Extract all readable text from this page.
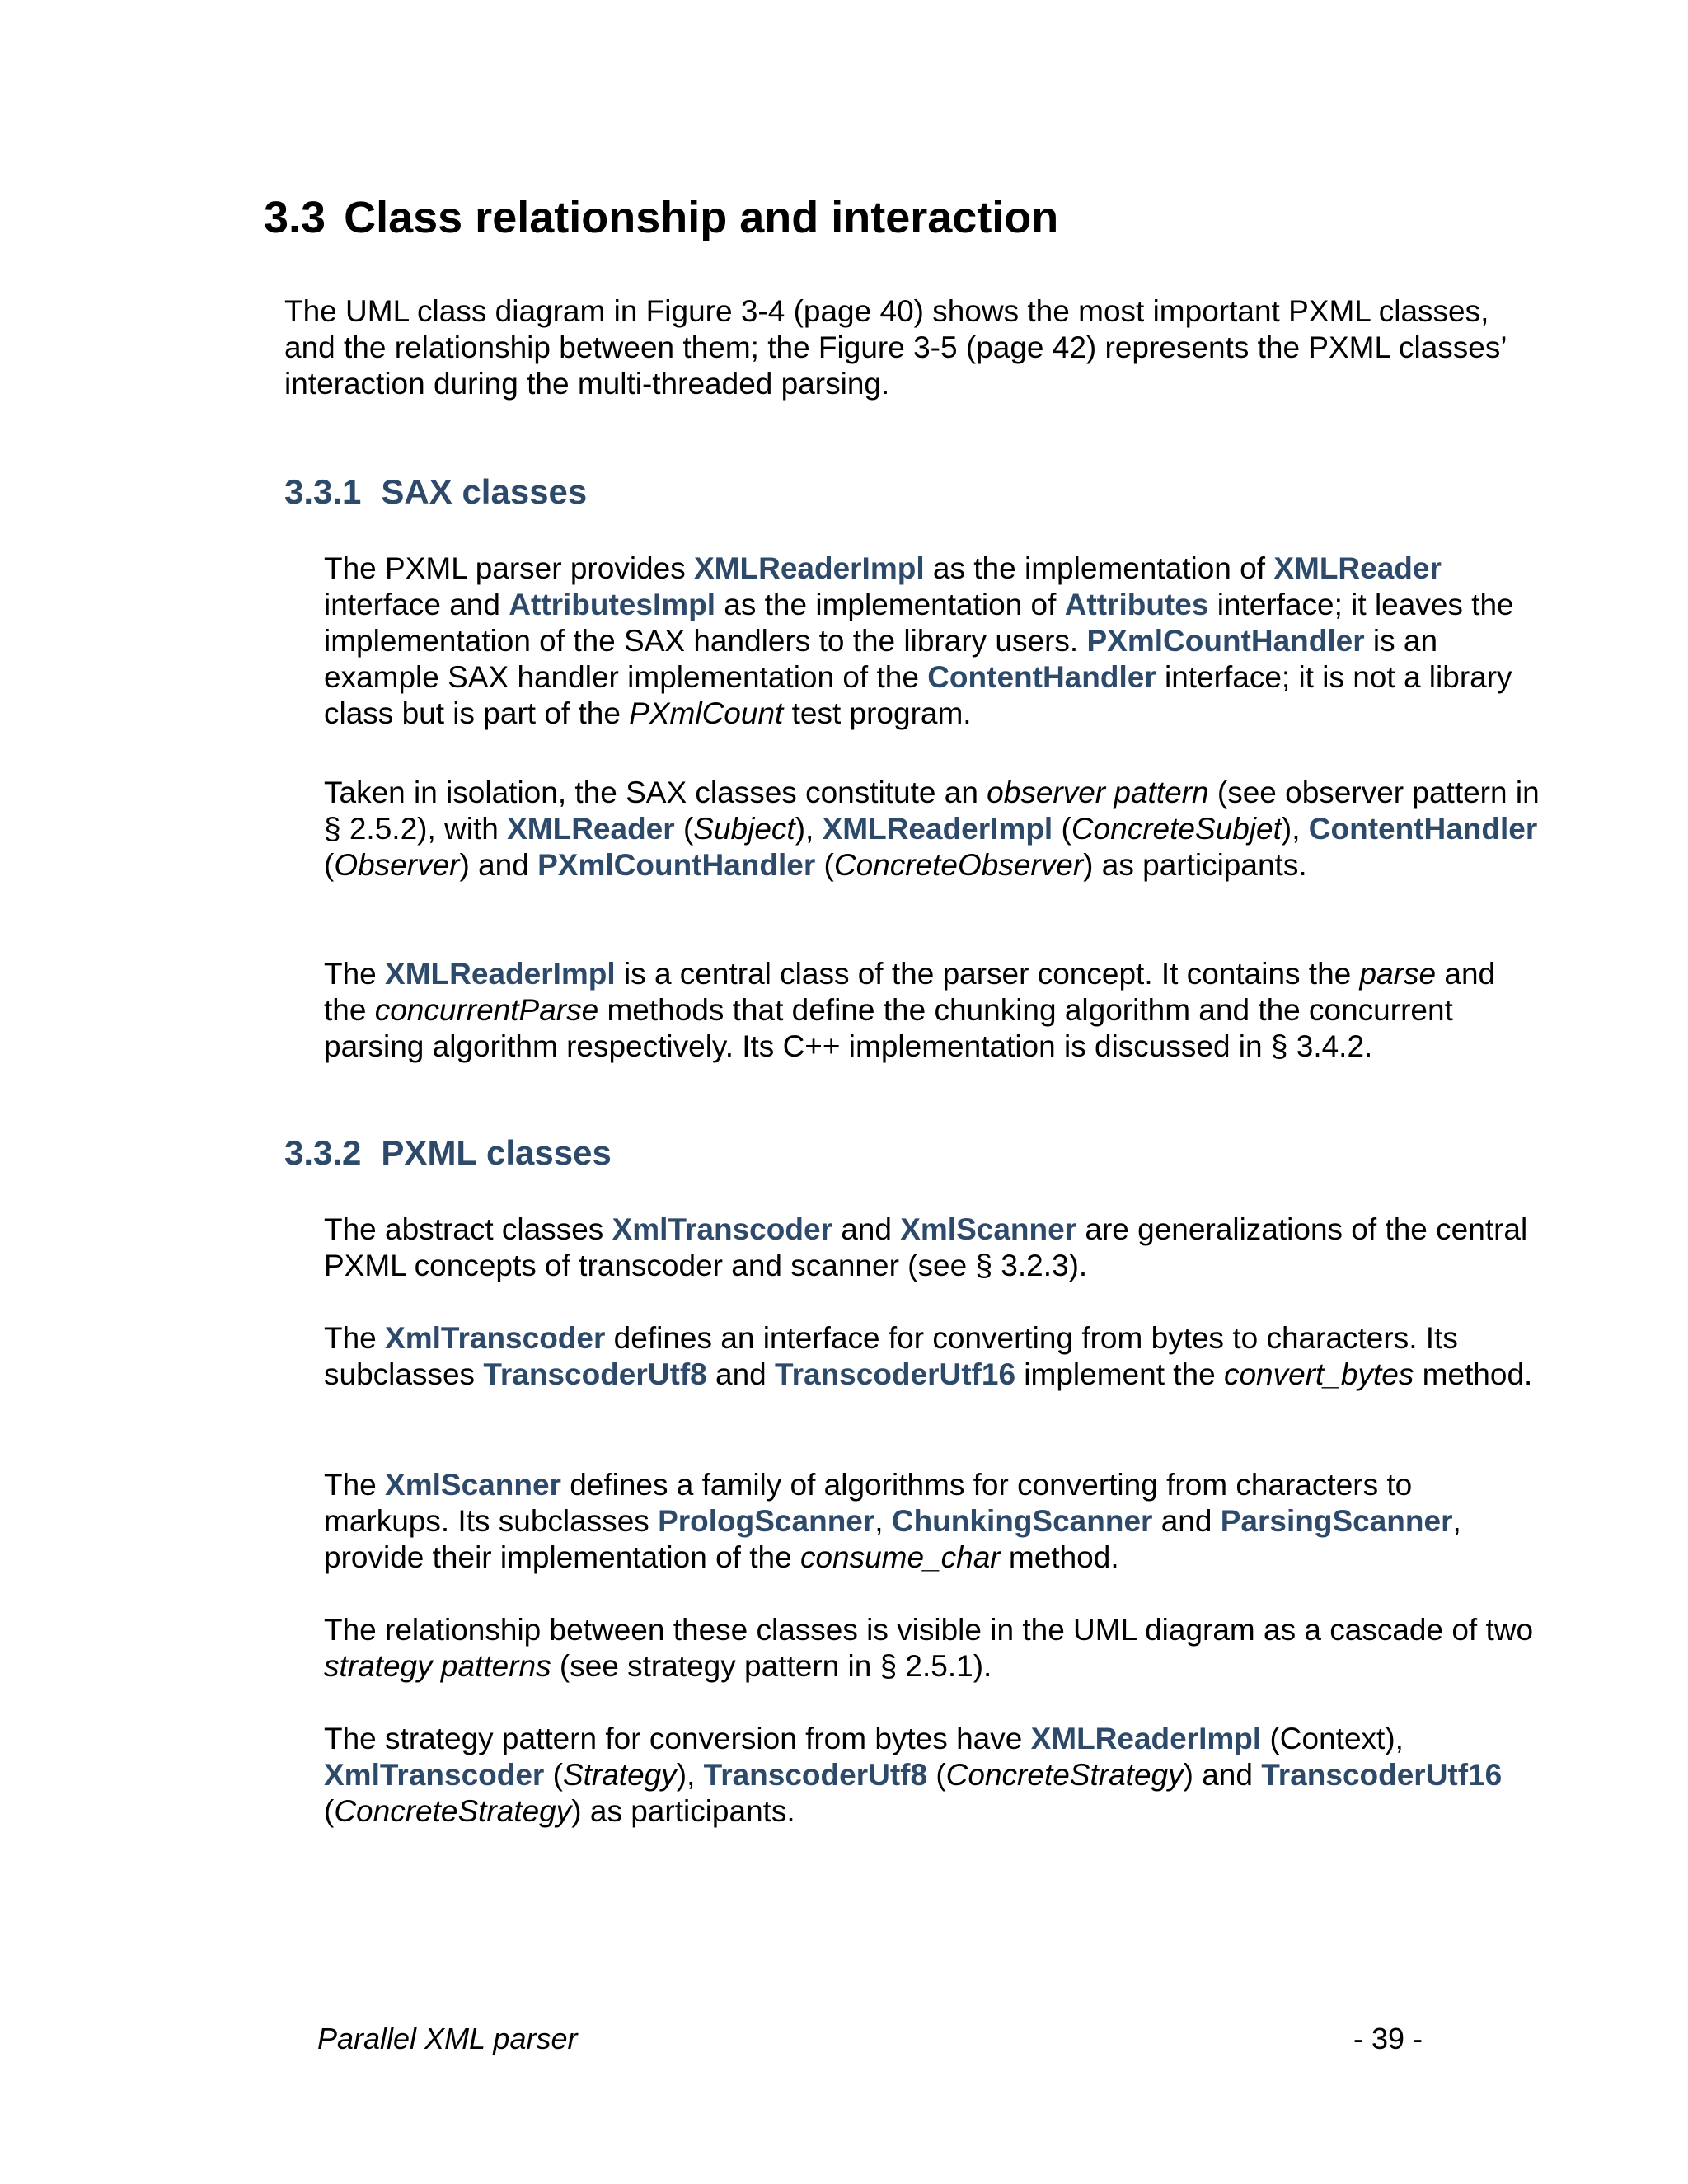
3.3 Class relationship and interaction

The UML class diagram in Figure 3-4 (page 40) shows the most important PXML classes, and the relationship between them; the Figure 3-5 (page 42) represents the PXML classes’ interaction during the multi-threaded parsing.

3.3.1 SAX classes

The PXML parser provides XMLReaderImpl as the implementation of XMLReader interface and AttributesImpl as the implementation of Attributes interface; it leaves the implementation of the SAX handlers to the library users. PXmlCountHandler is an example SAX handler implementation of the ContentHandler interface; it is not a library class but is part of the PXmlCount test program.

Taken in isolation, the SAX classes constitute an observer pattern (see observer pattern in § 2.5.2), with XMLReader (Subject), XMLReaderImpl (ConcreteSubjet), ContentHandler (Observer) and PXmlCountHandler (ConcreteObserver) as participants.

The XMLReaderImpl is a central class of the parser concept. It contains the parse and the concurrentParse methods that define the chunking algorithm and the concurrent parsing algorithm respectively. Its C++ implementation is discussed in § 3.4.2.

3.3.2 PXML classes

The abstract classes XmlTranscoder and XmlScanner are generalizations of the central PXML concepts of transcoder and scanner (see § 3.2.3).

The XmlTranscoder defines an interface for converting from bytes to characters. Its subclasses TranscoderUtf8 and TranscoderUtf16 implement the convert_bytes method.

The XmlScanner defines a family of algorithms for converting from characters to markups. Its subclasses PrologScanner, ChunkingScanner and ParsingScanner, provide their implementation of the consume_char method.

The relationship between these classes is visible in the UML diagram as a cascade of two strategy patterns (see strategy pattern in § 2.5.1).

The strategy pattern for conversion from bytes have XMLReaderImpl (Context), XmlTranscoder (Strategy), TranscoderUtf8 (ConcreteStrategy) and TranscoderUtf16 (ConcreteStrategy) as participants.

Parallel XML parser	- 39 -
